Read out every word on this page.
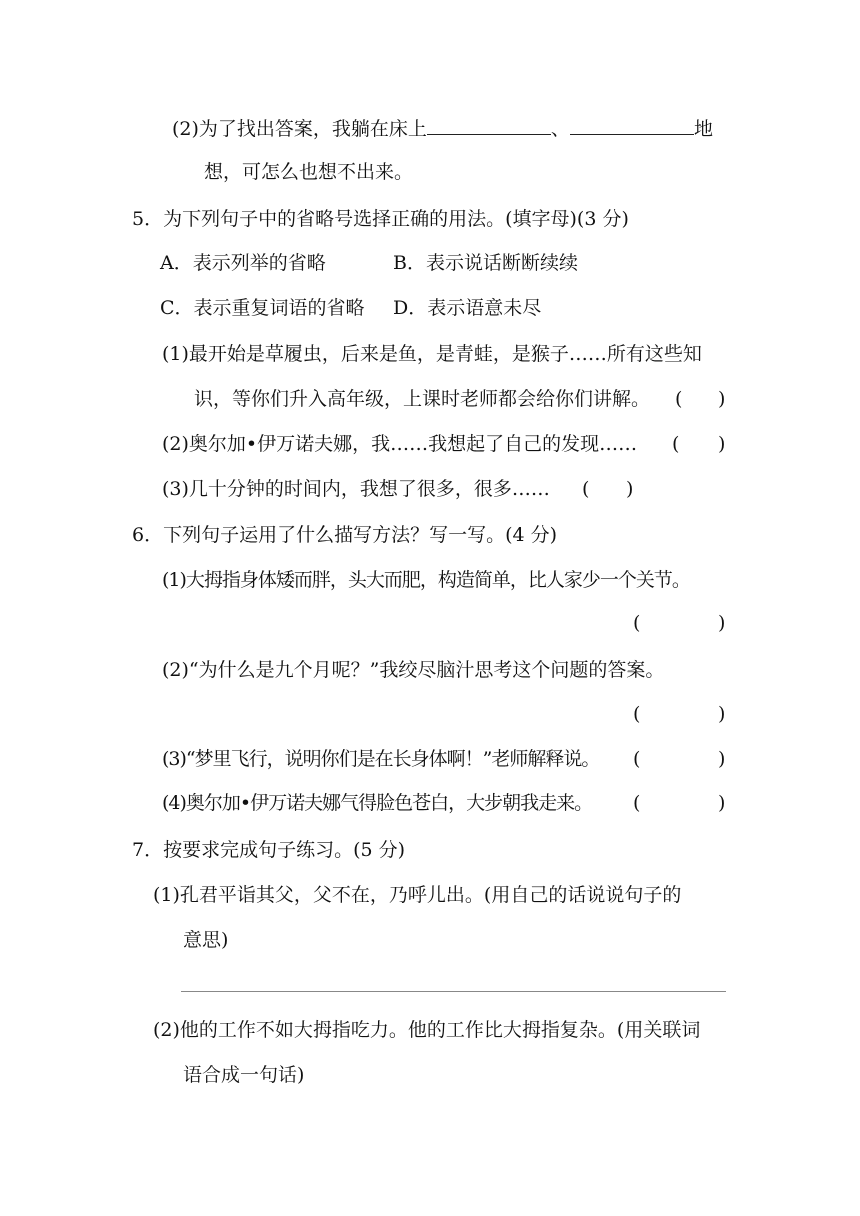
(2)为了找出答案，我躺在床上	、	地
想，可怎么也想不出来。
5．为下列句子中的省略号选择正确的用法。(填字母)(3 分)
A．表示列举的省略	B．表示说话断断续续
C．表示重复词语的省略 D．表示语意未尽
(1)最开始是草履虫，后来是鱼，是青蛙，是猴子……所有这些知
识，等你们升入高年级，上课时老师都会给你们讲解。 ( )
(2)奥尔加•伊万诺夫娜，我……我想起了自己的发现…… ( )
(3)几十分钟的时间内，我想了很多，很多…… ( )
6．下列句子运用了什么描写方法？写一写。(4 分)
(1)大拇指身体矮而胖，头大而肥，构造简单，比人家少一个关节。
(	)
(2)“为什么是九个月呢？”我绞尽脑汁思考这个问题的答案。
(	)
(3)“梦里飞行，说明你们是在长身体啊！”老师解释说。 (	)
(4)奥尔加•伊万诺夫娜气得脸色苍白，大步朝我走来。 (	)
7．按要求完成句子练习。(5 分)
(1)孔君平诣其父，父不在，乃呼儿出。(用自己的话说说句子的
意思)
(2)他的工作不如大拇指吃力。他的工作比大拇指复杂。(用关联词
语合成一句话)
